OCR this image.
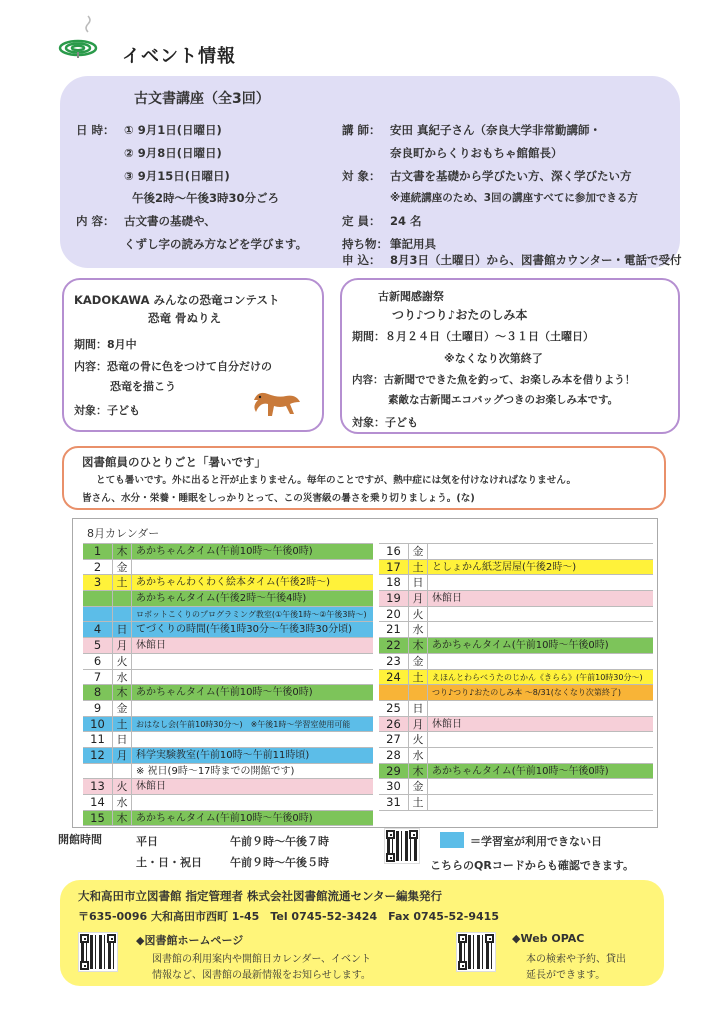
イベント情報
古文書講座（全3回）
日 時： ① 9月1日(日曜日)
② 9月8日(日曜日)
③ 9月15日(日曜日)
午後2時～午後3時30分ごろ
内 容： 古文書の基礎や、
くずし字の読み方などを学びます。
講 師： 安田 真紀子さん（奈良大学非常勤講師・
奈良町からくりおもちゃ館館長）
対 象： 古文書を基礎から学びたい方、深く学びたい方
※連続講座のため、3回の講座すべてに参加できる方
定 員： 24 名
持ち物： 筆記用具
申 込： 8月3日（土曜日）から、図書館カウンター・電話で受付
KADOKAWA みんなの恐竜コンテスト
恐竜 骨ぬりえ
期間：8月中
内容：恐竜の骨に色をつけて自分だけの
恐竜を描こう
対象：子ども
古新聞感謝祭
つり♪つり♪おたのしみ本
期間：８月２４日（土曜日）～３１日（土曜日）
※なくなり次第終了
内容：古新聞でできた魚を釣って、お楽しみ本を借りよう！
素敵な古新聞エコバッグつきのお楽しみ本です。
対象：子ども
図書館員のひとりごと「暑いです」
とても暑いです。外に出ると汗が止まりません。毎年のことですが、熱中症には気を付けなければなりません。
皆さん、水分・栄養・睡眠をしっかりとって、この災害級の暑さを乗り切りましょう。(な)
8月カレンダー
1	木 あかちゃんタイム(午前10時～午後0時)
2	金
3	土 あかちゃんわくわく絵本タイム(午後2時～)
あかちゃんタイム(午後2時～午後4時)
ロボットこくりのプログラミング教室(①午後1時～②午後3時～)
4	日 てづくりの時間(午後1時30分～午後3時30分頃)
5	月 休館日
6	火
7	水
8	木 あかちゃんタイム(午前10時～午後0時)
9	金
10	土	おはなし会(午前10時30分～)　※午後1時～学習室使用可能
11	日
12	月 科学実験教室(午前10時～午前11時頃)
※ 祝日(9時～17時までの開館です)
13	火 休館日
14	水
15	木 あかちゃんタイム(午前10時～午後0時)
16	金
17	土 としょかん紙芝居屋(午後2時～)
18	日
19	月 休館日
20	火
21	水
22	木 あかちゃんタイム(午前10時～午後0時)
23	金
24	土	えほんとわらべうたのじかん《きらら》(午前10時30分～)
つり♪つり♪おたのしみ本 ～8/31(なくなり次第終了)
25	日
26	月 休館日
27	火
28	水
29	木 あかちゃんタイム(午前10時～午後0時)
30	金
31	土
開館時間	平日	午前９時～午後７時
土・日・祝日	午前９時～午後５時
＝学習室が利用できない日
こちらのQRコードからも確認できます。
大和高田市立図書館 指定管理者 株式会社図書館流通センター編集発行
〒635-0096 大和高田市西町 1-45　Tel 0745-52-3424　Fax 0745-52-9415
◆図書館ホームページ
図書館の利用案内や開館日カレンダー、イベント
情報など、図書館の最新情報をお知らせします。
◆Web OPAC
本の検索や予約、貸出
延長ができます。
